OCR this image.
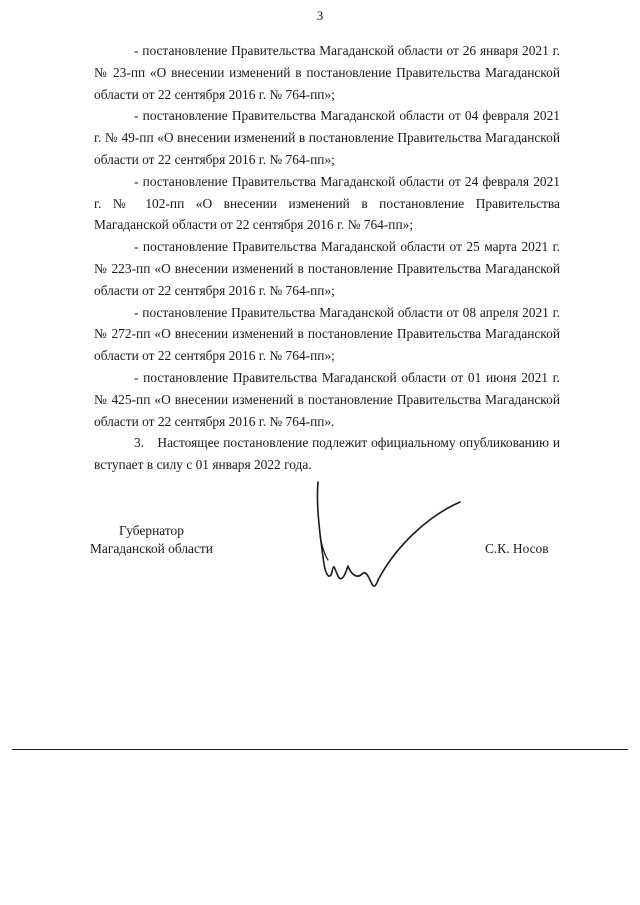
3

- постановление Правительства Магаданской области от 26 января 2021 г. № 23-пп «О внесении изменений в постановление Правительства Магаданской области от 22 сентября 2016 г. № 764-пп»;

- постановление Правительства Магаданской области от 04 февраля 2021 г. № 49-пп «О внесении изменений в постановление Правительства Магаданской области от 22 сентября 2016 г. № 764-пп»;

- постановление Правительства Магаданской области от 24 февраля 2021 г. № 102-пп «О внесении изменений в постановление Правительства Магаданской области от 22 сентября 2016 г. № 764-пп»;

- постановление Правительства Магаданской области от 25 марта 2021 г. № 223-пп «О внесении изменений в постановление Правительства Магаданской области от 22 сентября 2016 г. № 764-пп»;

- постановление Правительства Магаданской области от 08 апреля 2021 г. № 272-пп «О внесении изменений в постановление Правительства Магаданской области от 22 сентября 2016 г. № 764-пп»;

- постановление Правительства Магаданской области от 01 июня 2021 г. № 425-пп «О внесении изменений в постановление Правительства Магаданской области от 22 сентября 2016 г. № 764-пп».

3. Настоящее постановление подлежит официальному опубликованию и вступает в силу с 01 января 2022 года.

Губернатор
Магаданской области	С.К. Носов
